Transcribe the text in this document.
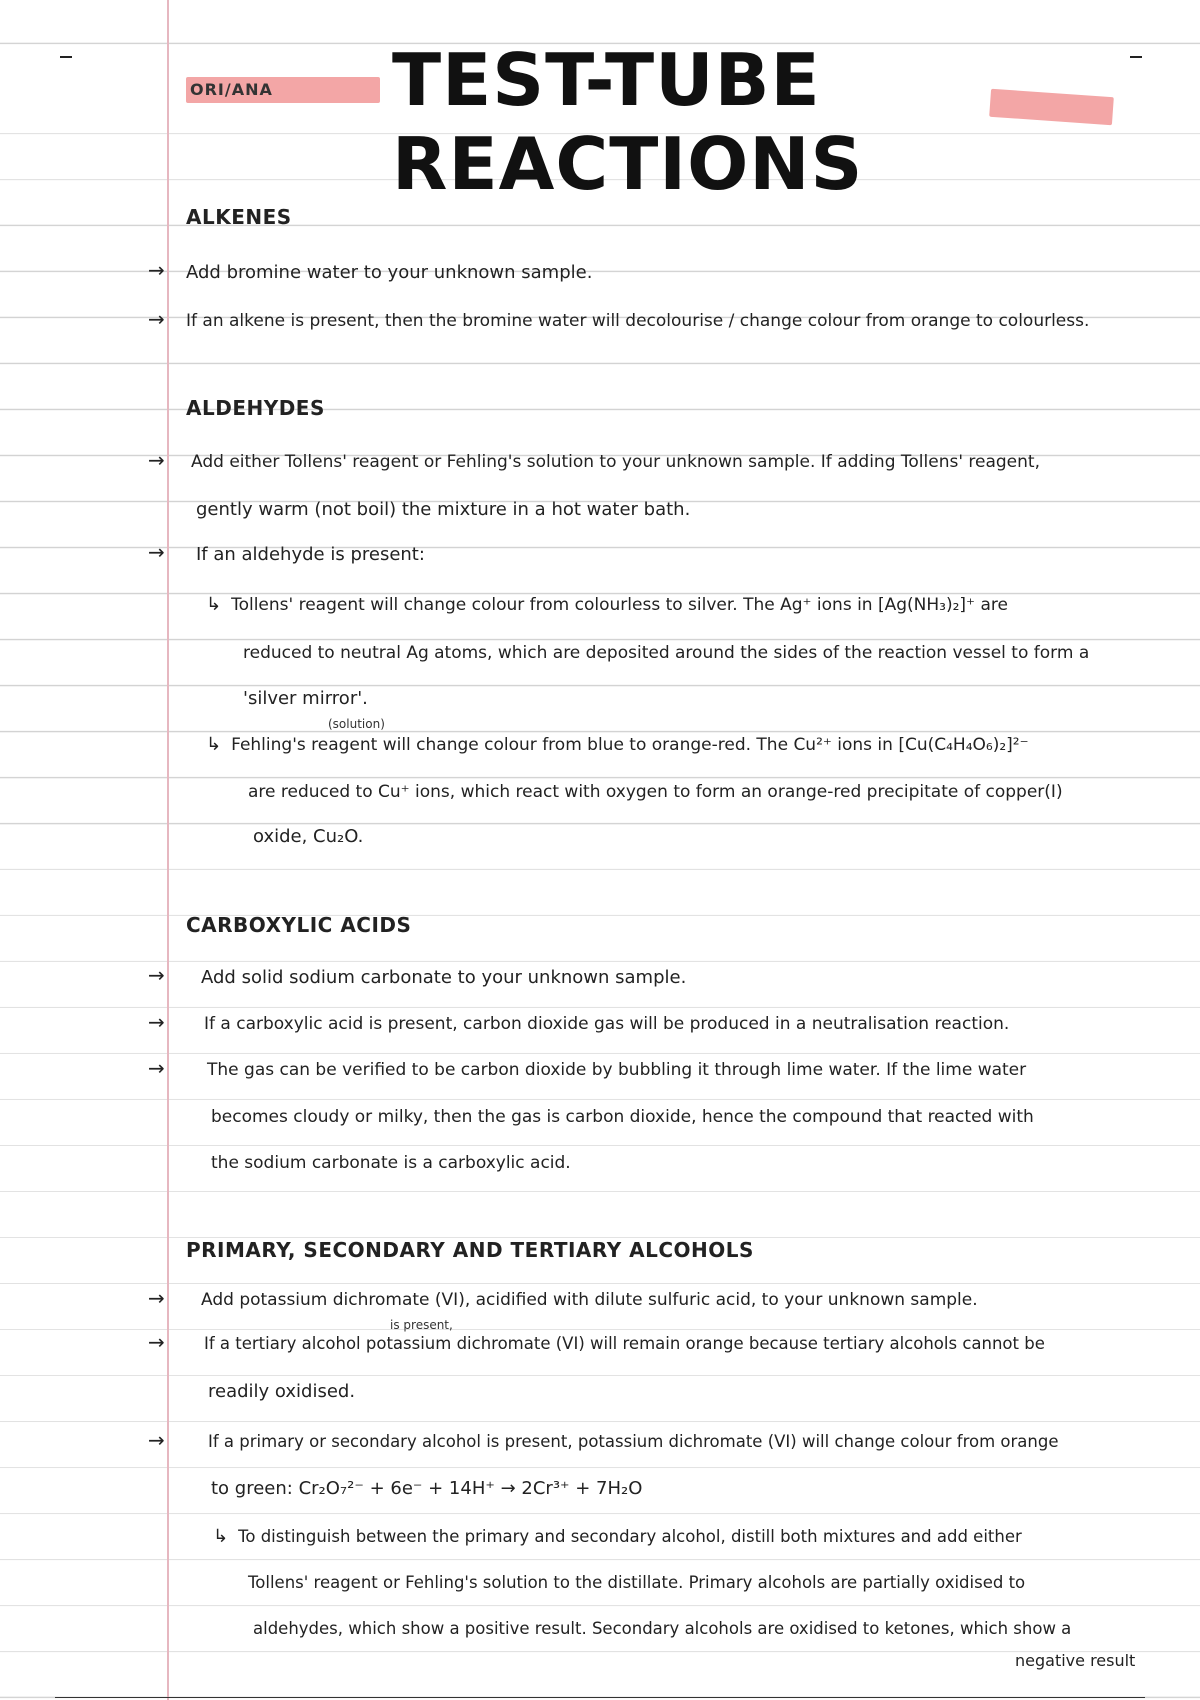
ORI/ANA	TEST-TUBE REACTIONS
ALKENES
→ Add bromine water to your unknown sample.
→ If an alkene is present, then the bromine water will decolourise / change colour from orange to colourless.
ALDEHYDES
→ Add either Tollens' reagent or Fehling's solution to your unknown sample. If adding Tollens' reagent,
gently warm (not boil) the mixture in a hot water bath.
→ If an aldehyde is present:
↳ Tollens' reagent will change colour from colourless to silver. The Ag⁺ ions in [Ag(NH₃)₂]⁺ are
reduced to neutral Ag atoms, which are deposited around the sides of the reaction vessel to form a
'silver mirror'.
(solution)
↳ Fehling's reagent will change colour from blue to orange-red. The Cu²⁺ ions in [Cu(C₄H₄O₆)₂]²⁻
are reduced to Cu⁺ ions, which react with oxygen to form an orange-red precipitate of copper(I)
oxide, Cu₂O.
CARBOXYLIC ACIDS
→ Add solid sodium carbonate to your unknown sample.
→ If a carboxylic acid is present, carbon dioxide gas will be produced in a neutralisation reaction.
→ The gas can be verified to be carbon dioxide by bubbling it through lime water. If the lime water
becomes cloudy or milky, then the gas is carbon dioxide, hence the compound that reacted with
the sodium carbonate is a carboxylic acid.
PRIMARY, SECONDARY AND TERTIARY ALCOHOLS
→ Add potassium dichromate (VI), acidified with dilute sulfuric acid, to your unknown sample.
is present,
→ If a tertiary alcohol potassium dichromate (VI) will remain orange because tertiary alcohols cannot be
readily oxidised.
→	If a primary or secondary alcohol is present, potassium dichromate (VI) will change colour from orange
to green: Cr₂O₇²⁻ + 6e⁻ + 14H⁺ → 2Cr³⁺ + 7H₂O
↳ To distinguish between the primary and secondary alcohol, distill both mixtures and add either
Tollens' reagent or Fehling's solution to the distillate. Primary alcohols are partially oxidised to
aldehydes, which show a positive result. Secondary alcohols are oxidised to ketones, which show a
negative result
